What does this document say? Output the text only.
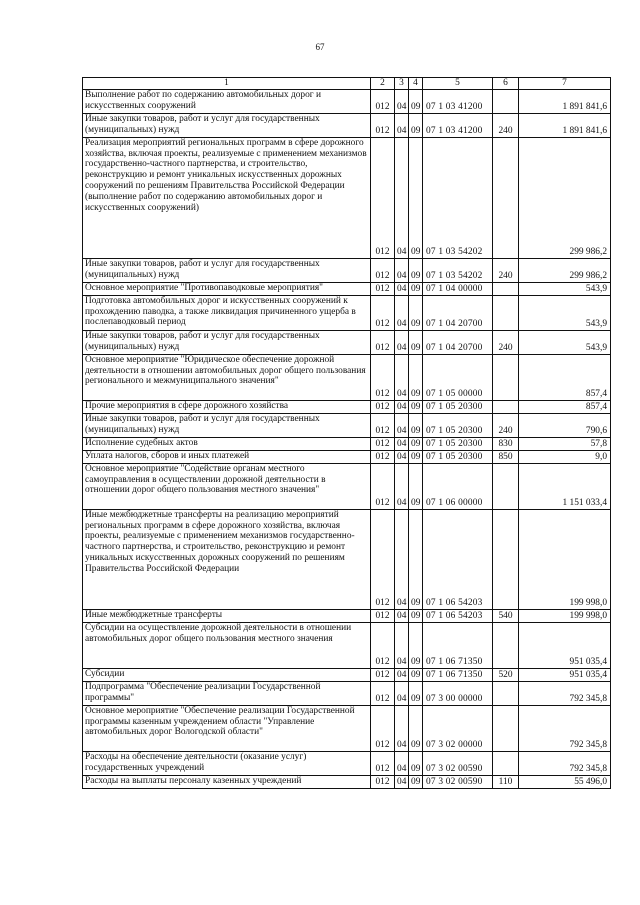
67
1	2	3	4	5	6	7
Выполнение работ по содержанию автомобильных дорог и искусственных сооружений	012	04	09	07 1 03 41200		1 891 841,6
Иные закупки товаров, работ и услуг для государственных (муниципальных) нужд	012	04	09	07 1 03 41200	240	1 891 841,6
Реализация мероприятий региональных программ в сфере дорожного хозяйства, включая проекты, реализуемые с применением механизмов государственно-частного партнерства, и строительство, реконструкцию и ремонт уникальных искусственных дорожных сооружений по решениям Правительства Российской Федерации (выполнение работ по содержанию автомобильных дорог и искусственных сооружений)	012	04	09	07 1 03 54202		299 986,2
Иные закупки товаров, работ и услуг для государственных (муниципальных) нужд	012	04	09	07 1 03 54202	240	299 986,2
Основное мероприятие "Противопаводковые мероприятия"	012	04	09	07 1 04 00000		543,9
Подготовка автомобильных дорог и искусственных сооружений к прохождению паводка, а также ликвидация причиненного ущерба в послепаводковый период	012	04	09	07 1 04 20700		543,9
Иные закупки товаров, работ и услуг для государственных (муниципальных) нужд	012	04	09	07 1 04 20700	240	543,9
Основное мероприятие "Юридическое обеспечение дорожной деятельности в отношении автомобильных дорог общего пользования регионального и межмуниципального значения"	012	04	09	07 1 05 00000		857,4
Прочие мероприятия в сфере дорожного хозяйства	012	04	09	07 1 05 20300		857,4
Иные закупки товаров, работ и услуг для государственных (муниципальных) нужд	012	04	09	07 1 05 20300	240	790,6
Исполнение судебных актов	012	04	09	07 1 05 20300	830	57,8
Уплата налогов, сборов и иных платежей	012	04	09	07 1 05 20300	850	9,0
Основное мероприятие "Содействие органам местного самоуправления в осуществлении дорожной деятельности в отношении дорог общего пользования местного значения"	012	04	09	07 1 06 00000		1 151 033,4
Иные межбюджетные трансферты на реализацию мероприятий региональных программ в сфере дорожного хозяйства, включая проекты, реализуемые с применением механизмов государственно-частного партнерства, и строительство, реконструкцию и ремонт уникальных искусственных дорожных сооружений по решениям Правительства Российской Федерации	012	04	09	07 1 06 54203		199 998,0
Иные межбюджетные трансферты	012	04	09	07 1 06 54203	540	199 998,0
Субсидии на осуществление дорожной деятельности в отношении автомобильных дорог общего пользования местного значения	012	04	09	07 1 06 71350		951 035,4
Субсидии	012	04	09	07 1 06 71350	520	951 035,4
Подпрограмма "Обеспечение реализации Государственной программы"	012	04	09	07 3 00 00000		792 345,8
Основное мероприятие "Обеспечение реализации Государственной программы казенным учреждением области "Управление автомобильных дорог Вологодской области"	012	04	09	07 3 02 00000		792 345,8
Расходы на обеспечение деятельности (оказание услуг) государственных учреждений	012	04	09	07 3 02 00590		792 345,8
Расходы на выплаты персоналу казенных учреждений	012	04	09	07 3 02 00590	110	55 496,0
